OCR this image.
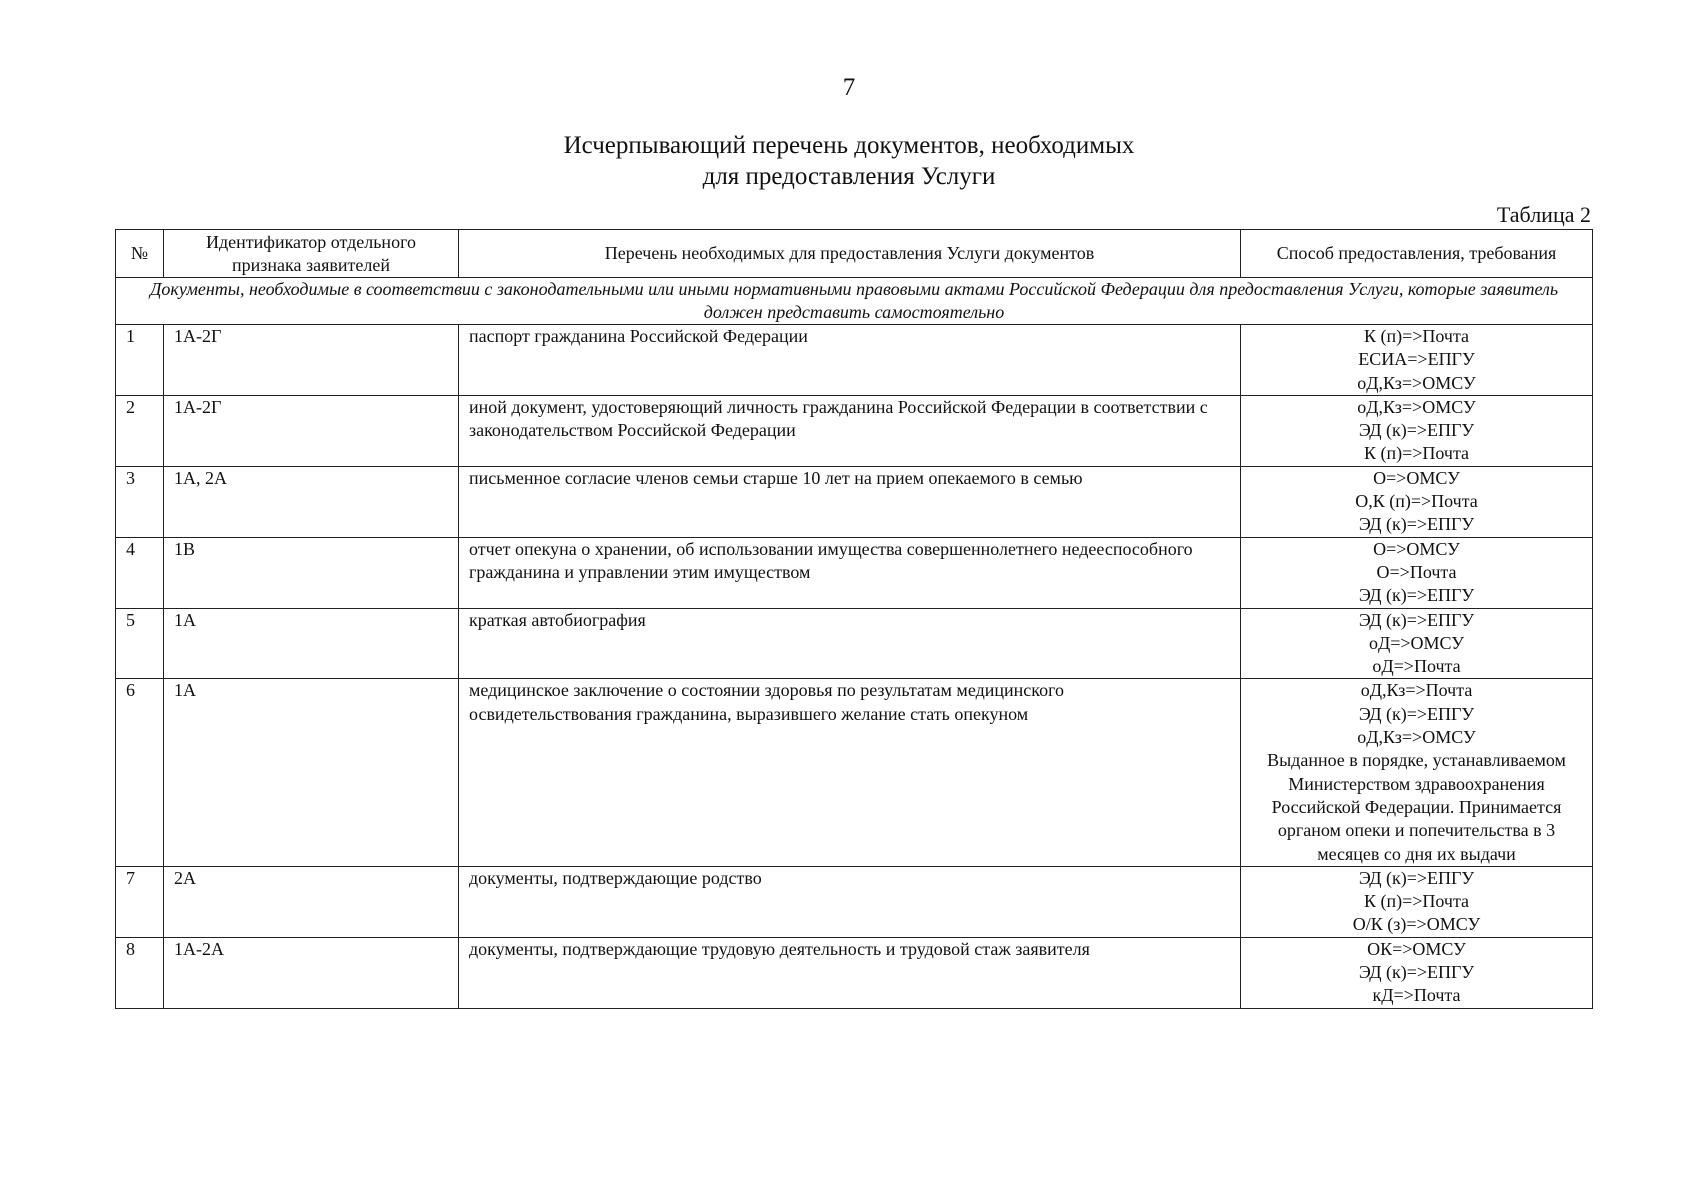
7
Исчерпывающий перечень документов, необходимых
для предоставления Услуги
Таблица 2
№	Идентификатор отдельного признака заявителей	Перечень необходимых для предоставления Услуги документов	Способ предоставления, требования
Документы, необходимые в соответствии с законодательными или иными нормативными правовыми актами Российской Федерации для предоставления Услуги, которые заявитель должен представить самостоятельно			
1	1А-2Г	паспорт гражданина Российской Федерации	К (п)=>Почта
ЕСИА=>ЕПГУ
оД,Кз=>ОМСУ

2	1А-2Г	иной документ, удостоверяющий личность гражданина Российской Федерации в соответствии с законодательством Российской Федерации	оД,Кз=>ОМСУ
ЭД (к)=>ЕПГУ
К (п)=>Почта

3	1А, 2А	письменное согласие членов семьи старше 10 лет на прием опекаемого в семью	О=>ОМСУ
О,К (п)=>Почта
ЭД (к)=>ЕПГУ

4	1В	отчет опекуна о хранении, об использовании имущества совершеннолетнего недееспособного гражданина и управлении этим имуществом	О=>ОМСУ
О=>Почта
ЭД (к)=>ЕПГУ

5	1А	краткая автобиография	ЭД (к)=>ЕПГУ
оД=>ОМСУ
оД=>Почта

6	1А	медицинское заключение о состоянии здоровья по результатам медицинского освидетельствования гражданина, выразившего желание стать опекуном	оД,Кз=>Почта
ЭД (к)=>ЕПГУ
оД,Кз=>ОМСУ
Выданное в порядке, устанавливаемом Министерством здравоохранения Российской Федерации. Принимается органом опеки и попечительства в 3 месяцев со дня их выдачи

7	2А	документы, подтверждающие родство	ЭД (к)=>ЕПГУ
К (п)=>Почта
О/К (з)=>ОМСУ

8	1А-2А	документы, подтверждающие трудовую деятельность и трудовой стаж заявителя	ОК=>ОМСУ
ЭД (к)=>ЕПГУ
кД=>Почта
